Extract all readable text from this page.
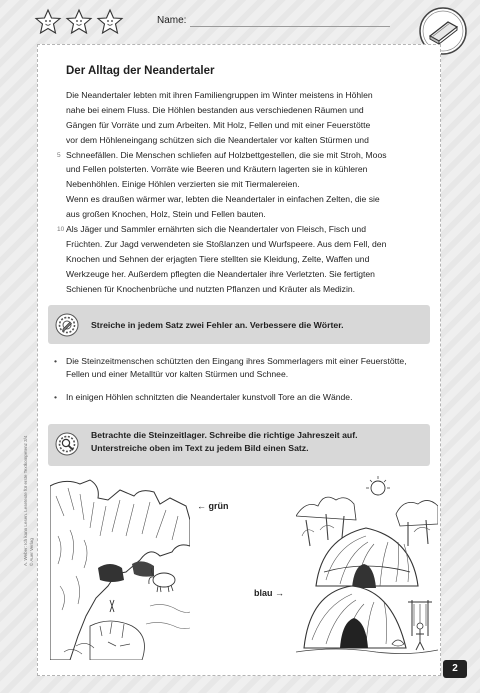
Name:
Der Alltag der Neandertaler
5
10
Die Neandertaler lebten mit ihren Familiengruppen im Winter meistens in Höhlen
nahe bei einem Fluss. Die Höhlen bestanden aus verschiedenen Räumen und
Gängen für Vorräte und zum Arbeiten. Mit Holz, Fellen und mit einer Feuerstötte
vor dem Höhleneingang schützen sich die Neandertaler vor kalten Stürmen und
Schneefällen. Die Menschen schliefen auf Holzbettgestellen, die sie mit Stroh, Moos
und Fellen polsterten. Vorräte wie Beeren und Kräutern lagerten sie in kühleren
Nebenhöhlen. Einige Höhlen verzierten sie mit Tiermalereien.
Wenn es draußen wärmer war, lebten die Neandertaler in einfachen Zelten, die sie
aus großen Knochen, Holz, Stein und Fellen bauten.
Als Jäger und Sammler ernährten sich die Neandertaler von Fleisch, Fisch und
Früchten. Zur Jagd verwendeten sie Stoßlanzen und Wurfspeere. Aus dem Fell, den
Knochen und Sehnen der erjagten Tiere stellten sie Kleidung, Zelte, Waffen und
Werkzeuge her. Außerdem pflegten die Neandertaler ihre Verletzten. Sie fertigten
Schienen für Knochenbrüche und nutzten Pflanzen und Kräuter als Medizin.
Streiche in jedem Satz zwei Fehler an. Verbessere die Wörter.
• Die Steinzeitmenschen schützten den Eingang ihres Sommerlagers mit einer Feuerstötte, Fellen und einer Metalltür vor kalten Stürmen und Schnee.
• In einigen Höhlen schnitzten die Neandertaler kunstvoll Tore an die Wände.
Betrachte die Steinzeitlager. Schreibe die richtige Jahreszeit auf.
Unterstreiche oben im Text zu jedem Bild einen Satz.
← grün
blau →
A. Weber: Ich kann Lesen. Lesetexte für erste Textkompetenz 3/4 © Auer Verlag
2
